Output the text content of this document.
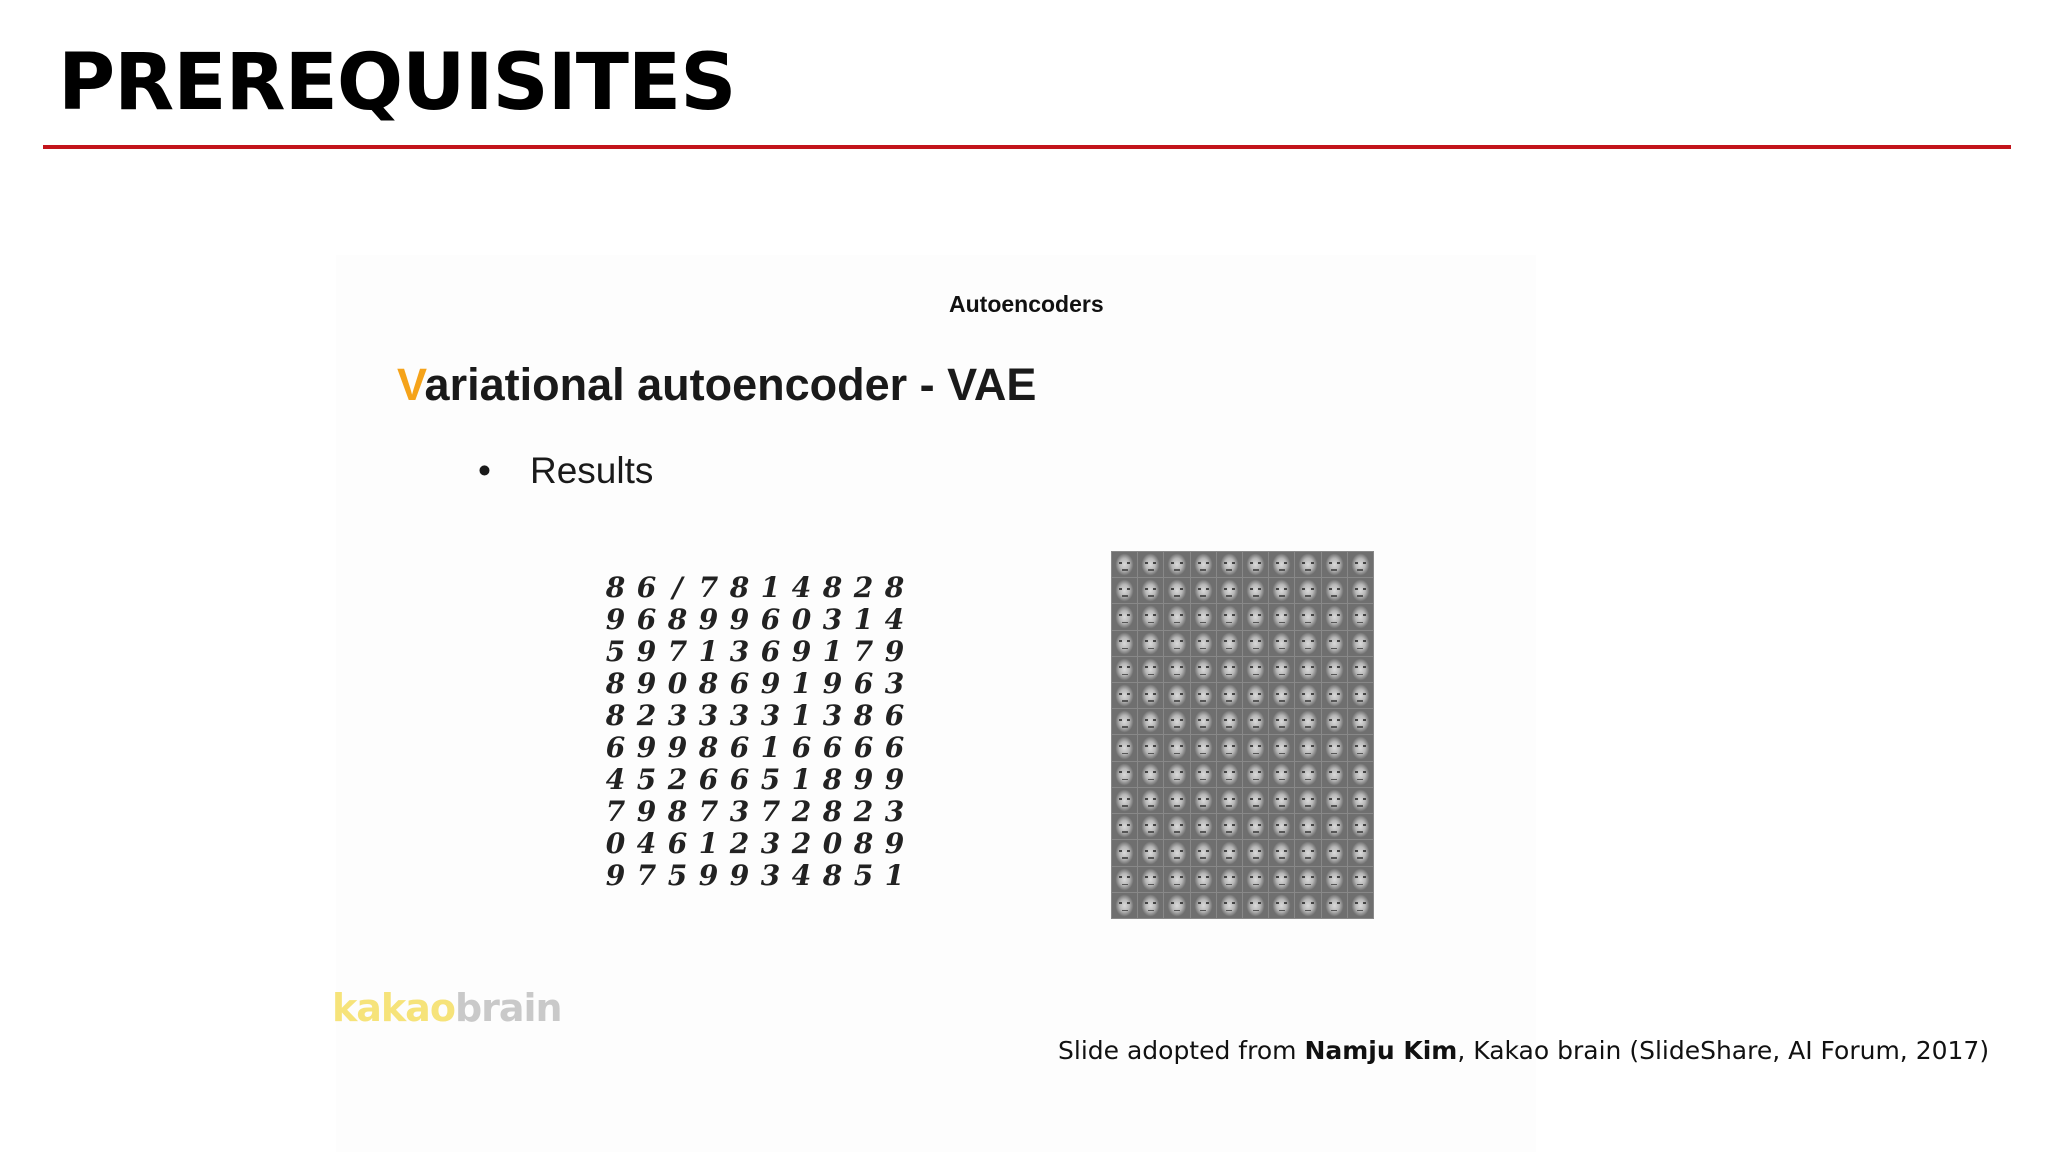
PREREQUISITES
Autoencoders
Variational autoencoder - VAE
• Results
8 6 / 7 8 1 4 8 2 8
9 6 8 9 9 6 0 3 1 4
5 9 7 1 3 6 9 1 7 9
8 9 0 8 6 9 1 9 6 3
8 2 3 3 3 3 1 3 8 6
6 9 9 8 6 1 6 6 6 6
4 5 2 6 6 5 1 8 9 9
7 9 8 7 3 7 2 8 2 3
0 4 6 1 2 3 2 0 8 9
9 7 5 9 9 3 4 8 5 1
kakaobrain
Slide adopted from Namju Kim, Kakao brain (SlideShare, AI Forum, 2017)
